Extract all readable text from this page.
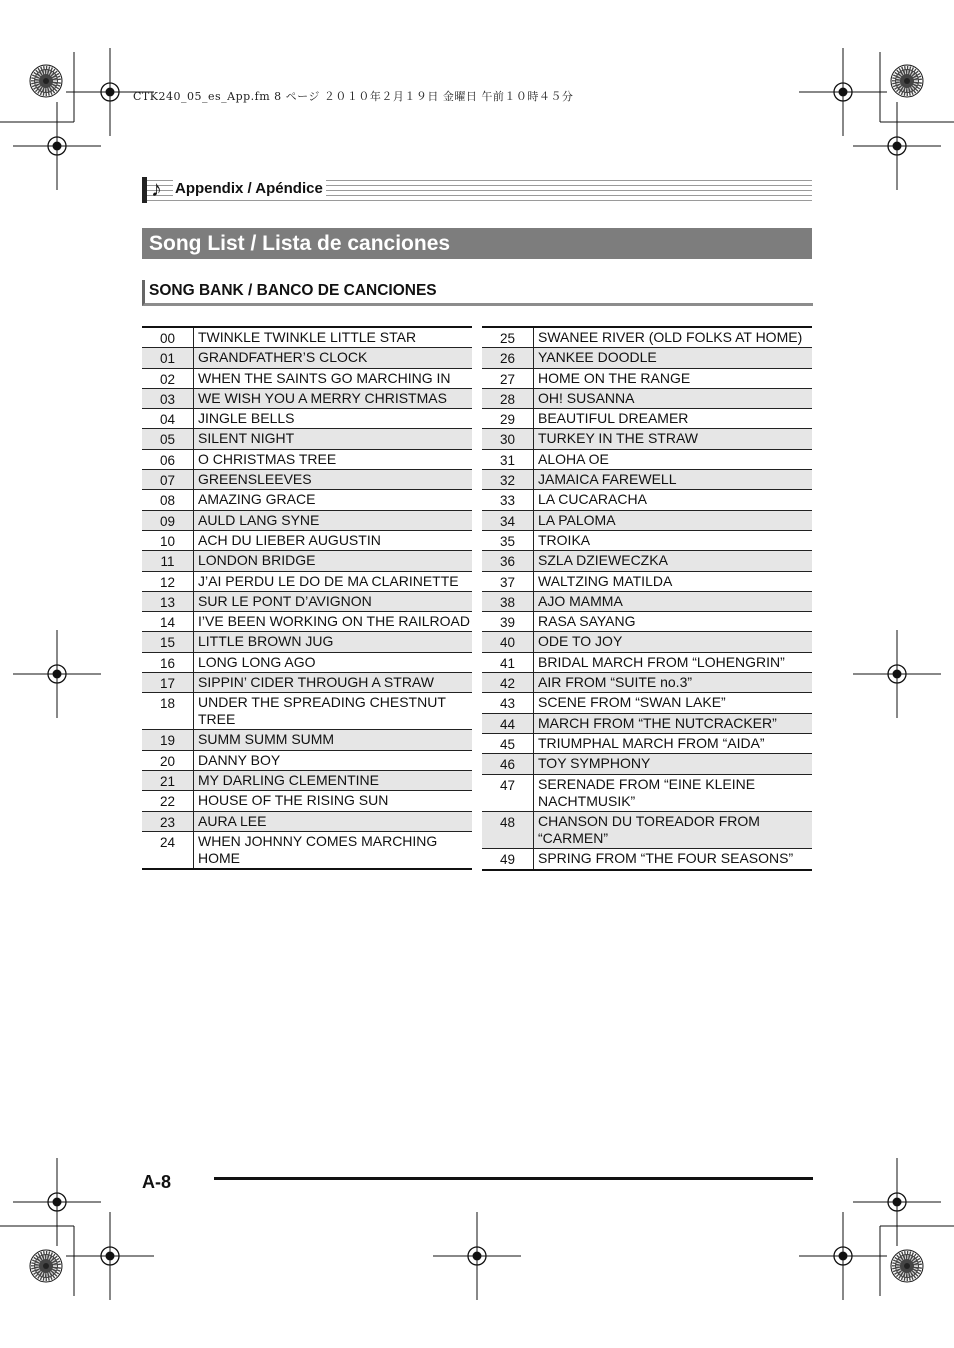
CTK240_05_es_App.fm 8 ページ ２０１０年２月１９日 金曜日 午前１０時４５分
♪ Appendix / Apéndice
Song List / Lista de canciones
SONG BANK / BANCO DE CANCIONES
00	TWINKLE TWINKLE LITTLE STAR
01	GRANDFATHER’S CLOCK
02	WHEN THE SAINTS GO MARCHING IN
03	WE WISH YOU A MERRY CHRISTMAS
04	JINGLE BELLS
05	SILENT NIGHT
06	O CHRISTMAS TREE
07	GREENSLEEVES
08	AMAZING GRACE
09	AULD LANG SYNE
10	ACH DU LIEBER AUGUSTIN
11	LONDON BRIDGE
12	J’AI PERDU LE DO DE MA CLARINETTE
13	SUR LE PONT D’AVIGNON
14	I’VE BEEN WORKING ON THE RAILROAD
15	LITTLE BROWN JUG
16	LONG LONG AGO
17	SIPPIN’ CIDER THROUGH A STRAW
18	UNDER THE SPREADING CHESTNUT TREE
19	SUMM SUMM SUMM
20	DANNY BOY
21	MY DARLING CLEMENTINE
22	HOUSE OF THE RISING SUN
23	AURA LEE
24	WHEN JOHNNY COMES MARCHING HOME
25	SWANEE RIVER (OLD FOLKS AT HOME)
26	YANKEE DOODLE
27	HOME ON THE RANGE
28	OH! SUSANNA
29	BEAUTIFUL DREAMER
30	TURKEY IN THE STRAW
31	ALOHA OE
32	JAMAICA FAREWELL
33	LA CUCARACHA
34	LA PALOMA
35	TROIKA
36	SZLA DZIEWECZKA
37	WALTZING MATILDA
38	AJO MAMMA
39	RASA SAYANG
40	ODE TO JOY
41	BRIDAL MARCH FROM “LOHENGRIN”
42	AIR FROM “SUITE no.3”
43	SCENE FROM “SWAN LAKE”
44	MARCH FROM “THE NUTCRACKER”
45	TRIUMPHAL MARCH FROM “AIDA”
46	TOY SYMPHONY
47	SERENADE FROM “EINE KLEINE NACHTMUSIK”
48	CHANSON DU TOREADOR FROM “CARMEN”
49	SPRING FROM “THE FOUR SEASONS”
A-8
